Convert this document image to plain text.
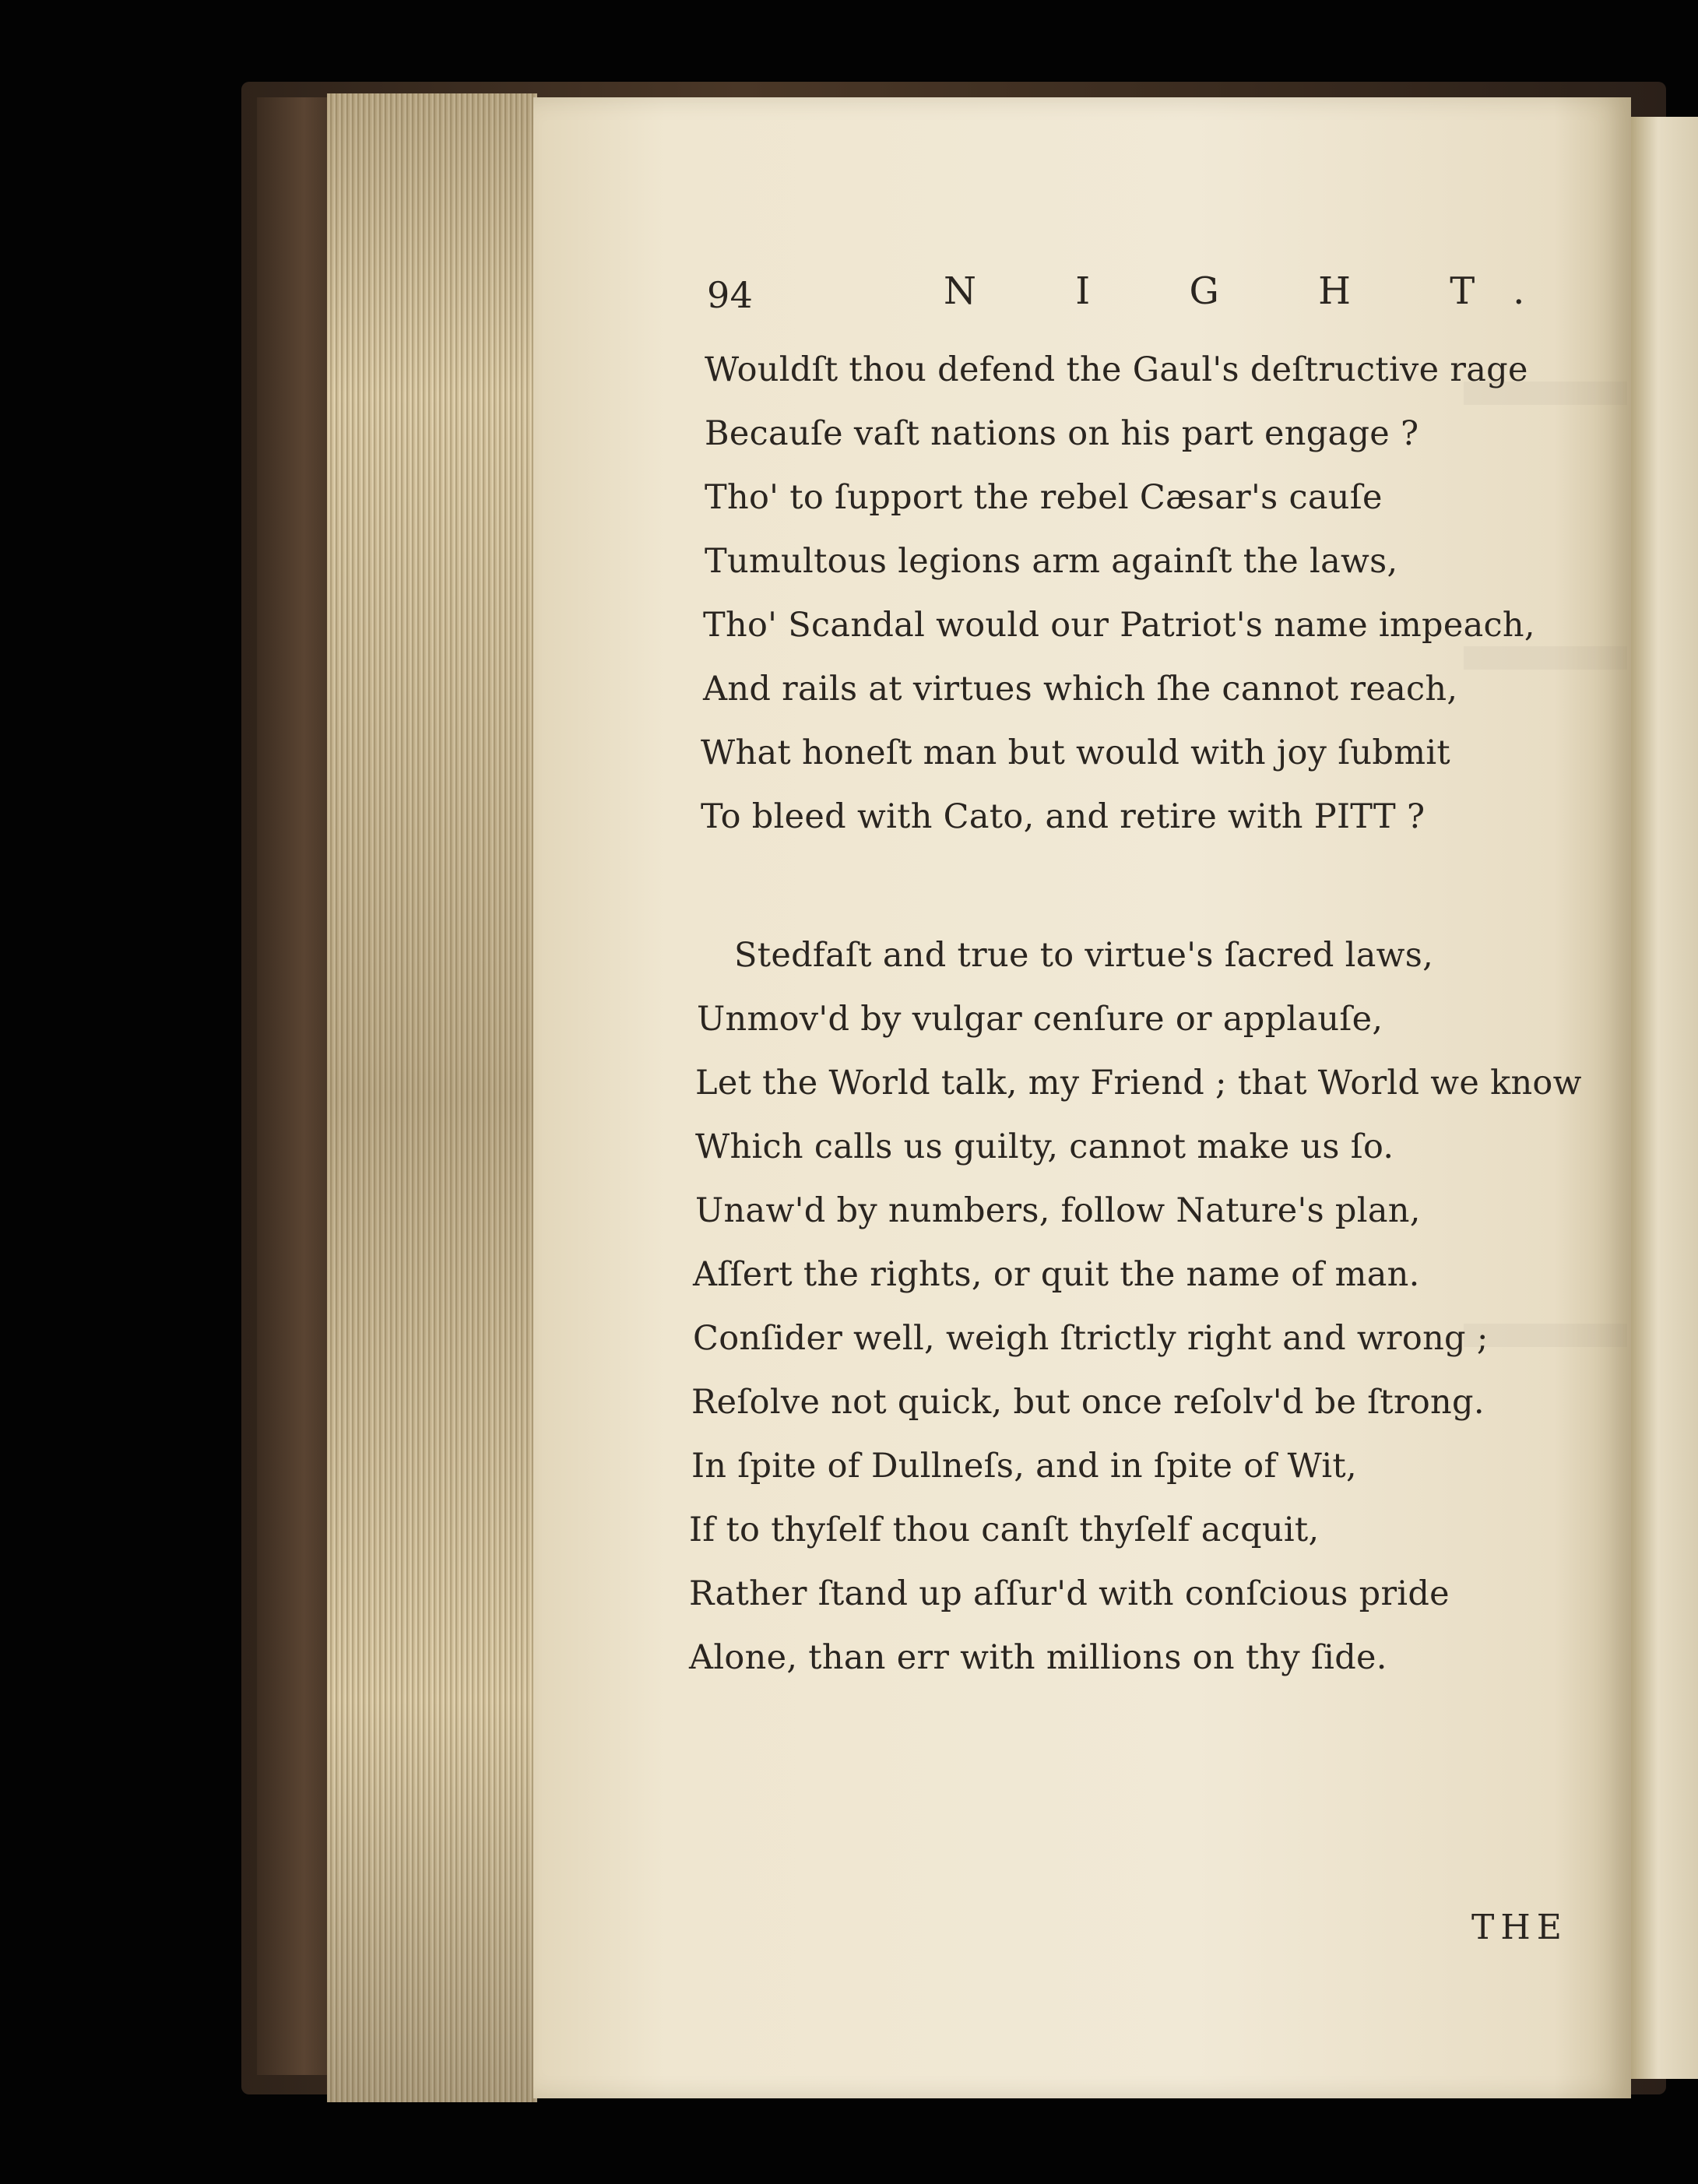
94	N I G H T.
Wouldſt thou defend the Gaul's deſtructive rage
Becauſe vaſt nations on his part engage ?
Tho' to ſupport the rebel Cæsar's cauſe
Tumultous legions arm againſt the laws,
Tho' Scandal would our Patriot's name impeach,
And rails at virtues which ſhe cannot reach,
What honeſt man but would with joy ſubmit
To bleed with Cato, and retire with PITT ?
Stedfaſt and true to virtue's ſacred laws,
Unmov'd by vulgar cenſure or applauſe,
Let the World talk, my Friend ; that World we know
Which calls us guilty, cannot make us ſo.
Unaw'd by numbers, follow Nature's plan,
Aſſert the rights, or quit the name of man.
Conſider well, weigh ſtrictly right and wrong ;
Reſolve not quick, but once reſolv'd be ſtrong.
In ſpite of Dullneſs, and in ſpite of Wit,
If to thyſelf thou canſt thyſelf acquit,
Rather ſtand up aſſur'd with conſcious pride
Alone, than err with millions on thy ſide.
THE
